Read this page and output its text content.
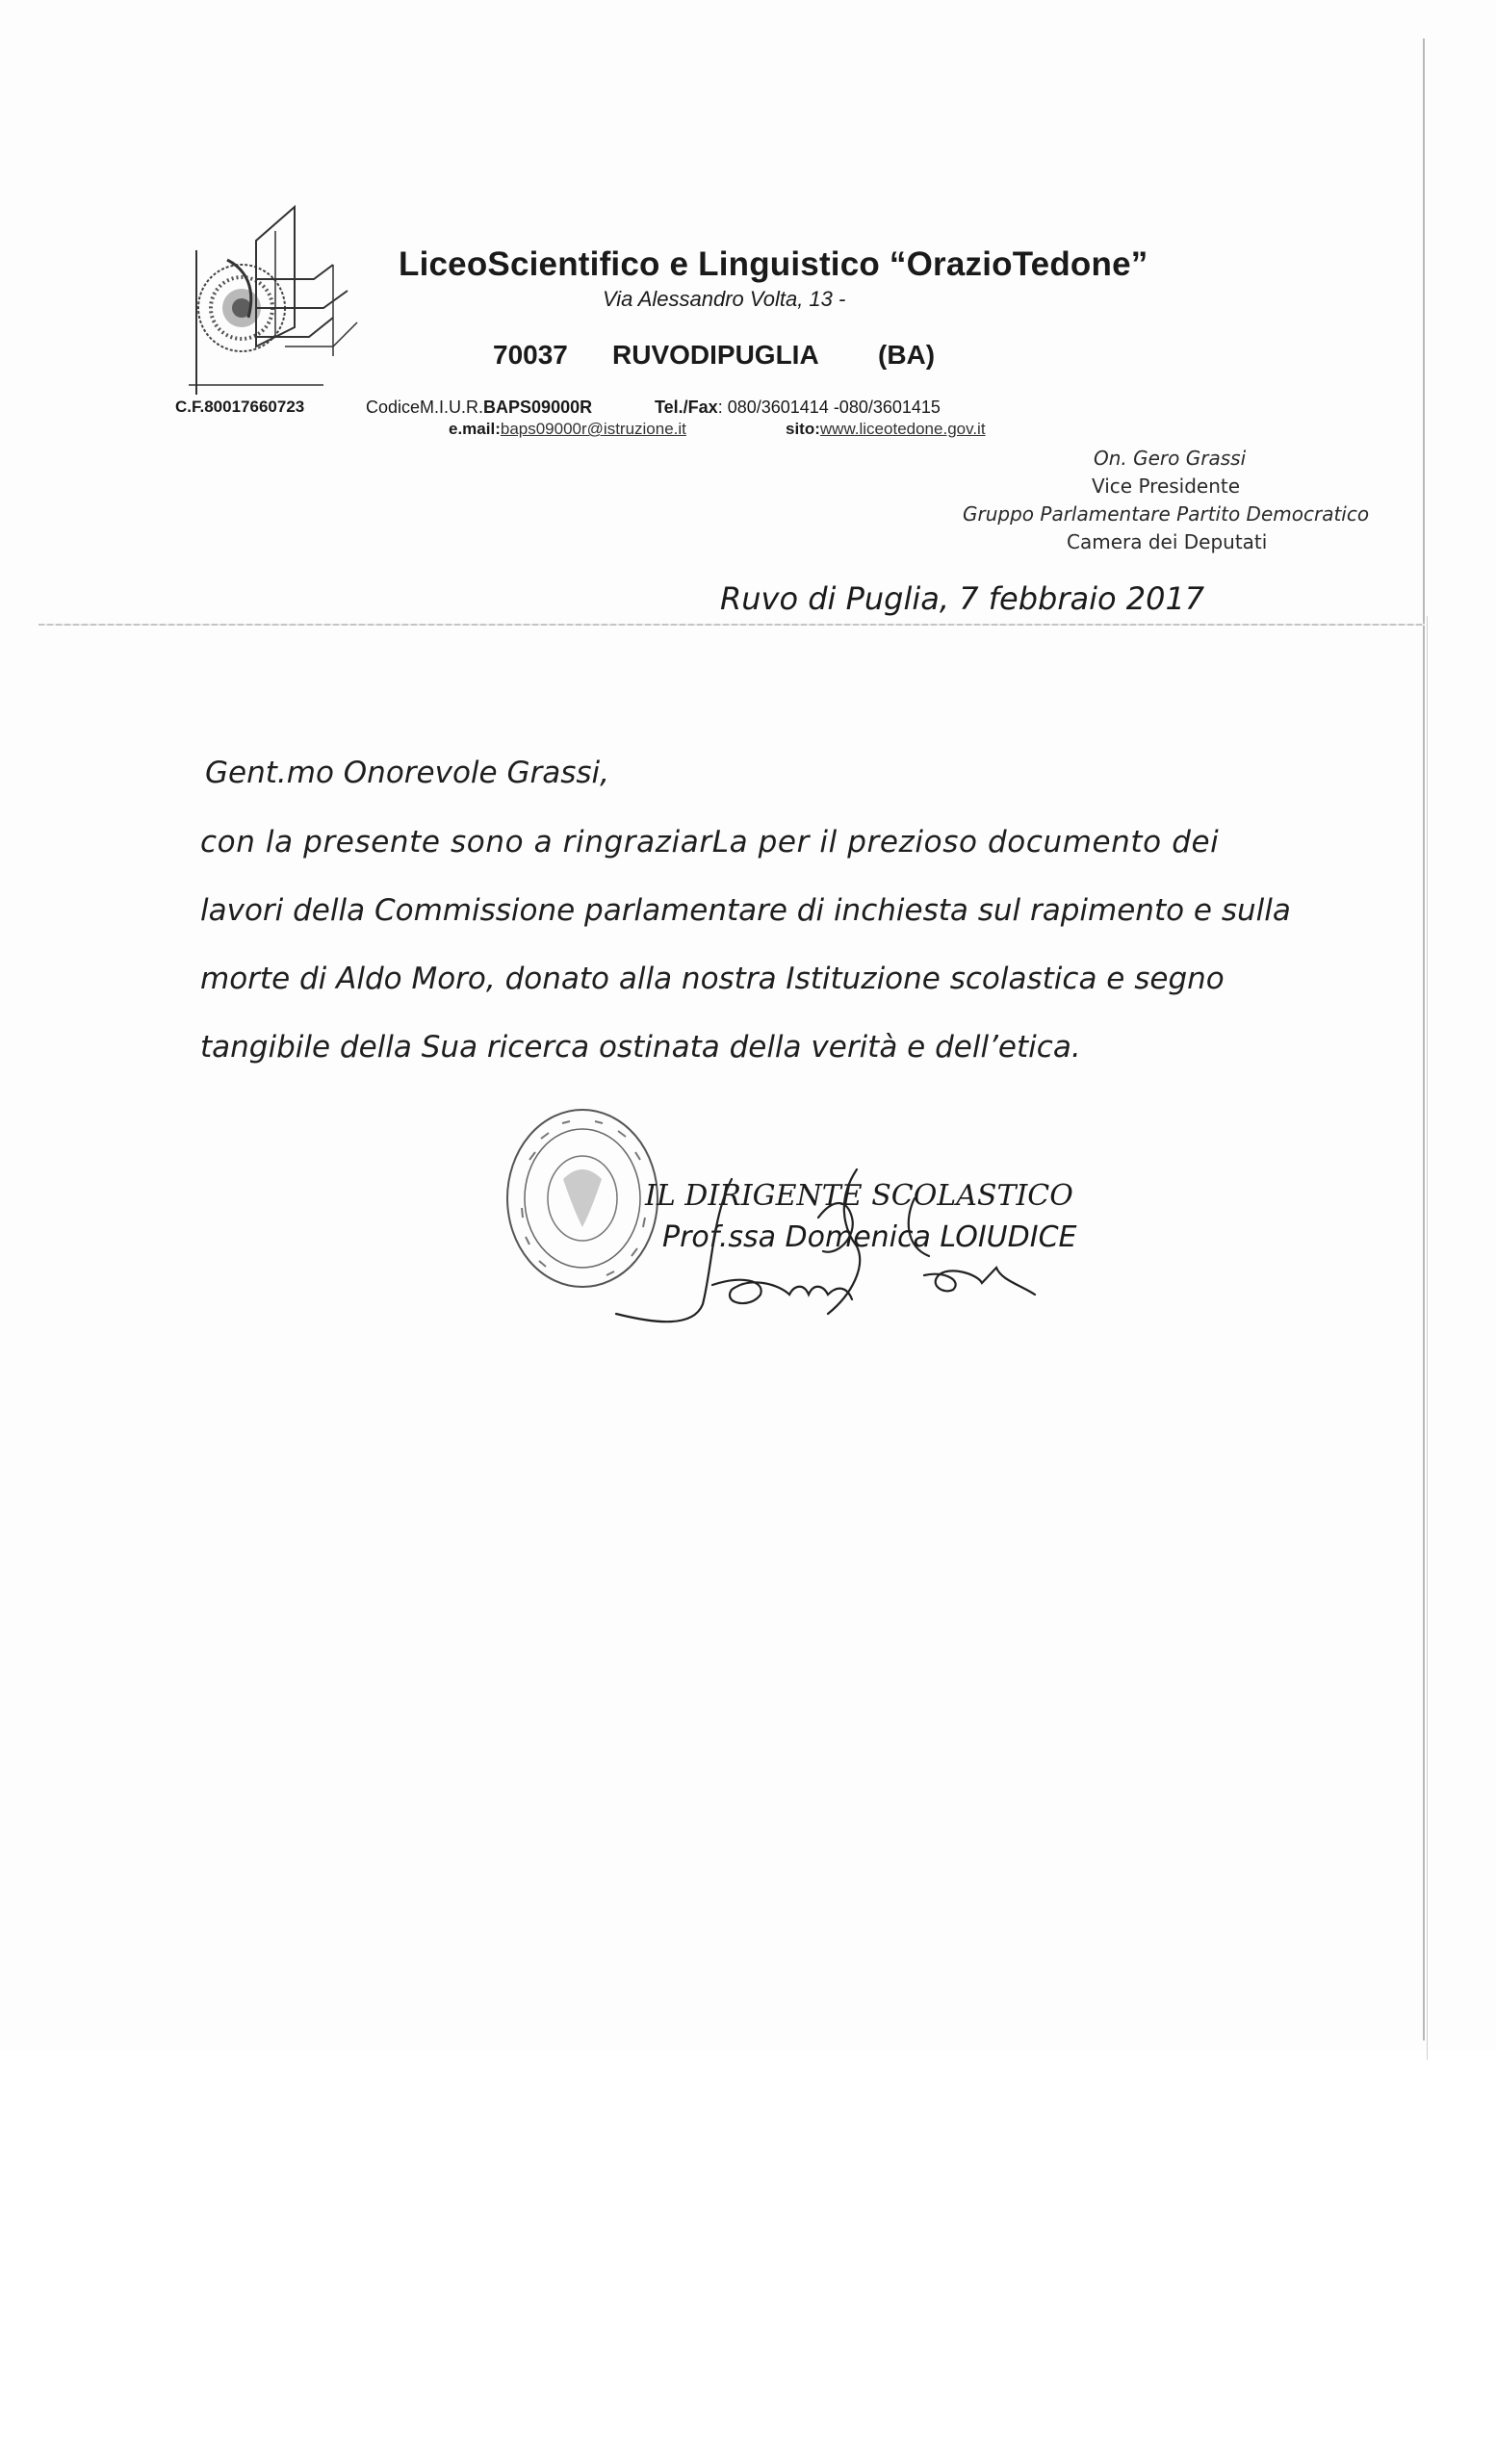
LiceoScientifico e Linguistico “OrazioTedone”
Via Alessandro Volta, 13 -
70037 RUVODIPUGLIA (BA)
C.F.80017660723	CodiceM.I.U.R.BAPS09000R	Tel./Fax: 080/3601414 -080/3601415
e.mail:baps09000r@istruzione.it	sito:www.liceotedone.gov.it
On. Gero Grassi
Vice Presidente
Gruppo Parlamentare Partito Democratico
Camera dei Deputati
Ruvo di Puglia, 7 febbraio 2017
Gent.mo Onorevole Grassi,
con la presente sono a ringraziarLa per il prezioso documento dei
lavori della Commissione parlamentare di inchiesta sul rapimento e sulla
morte di Aldo Moro, donato alla nostra Istituzione scolastica e segno
tangibile della Sua ricerca ostinata della verità e dell’etica.
IL DIRIGENTE SCOLASTICO
Prof.ssa Domenica LOIUDICE
